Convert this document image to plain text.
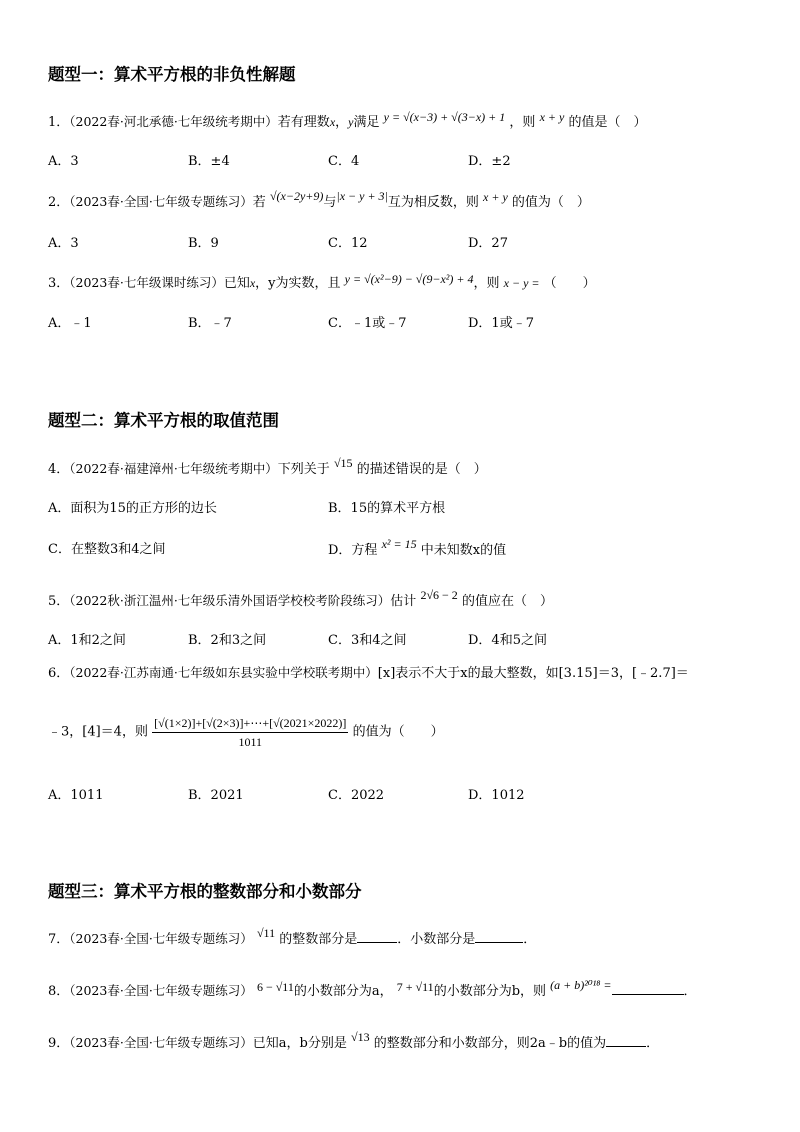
题型一：算术平方根的非负性解题
1．（2022春·河北承德·七年级统考期中）若有理数x，y满足 y = √(x−3) + √(3−x) + 1 ，则 x + y 的值是（　）
A．3	B．±4	C．4	D．±2
2．（2023春·全国·七年级专题练习）若 √(x−2y+9)与|x − y + 3|互为相反数，则 x + y 的值为（　）
A．3	B．9	C．12	D．27
3．（2023春·七年级课时练习）已知x，y为实数，且 y = √(x²−9) − √(9−x²) + 4，则 x − y = （　　）
A．﹣1	B．﹣7	C．﹣1或﹣7	D．1或﹣7
题型二：算术平方根的取值范围
4．（2022春·福建漳州·七年级统考期中）下列关于 √15 的描述错误的是（　）
A．面积为15的正方形的边长	B．15的算术平方根
C．在整数3和4之间	D．方程 x² = 15 中未知数x的值
5．（2022秋·浙江温州·七年级乐清外国语学校校考阶段练习）估计 2√6 − 2 的值应在（　）
A．1和2之间	B．2和3之间	C．3和4之间	D．4和5之间
6．（2022春·江苏南通·七年级如东县实验中学校联考期中）[x]表示不大于x的最大整数，如[3.15]＝3，[﹣2.7]＝
﹣3，[4]＝4，则 $\frac{[√(1\times 2)]+[√(2\times 3)]+\cdots+[√(2021\times 2022)]}{1011}$ 的值为（　　）
A．1011	B．2021	C．2022	D．1012
题型三：算术平方根的整数部分和小数部分
7．（2023春·全国·七年级专题练习） √11 的整数部分是	．小数部分是	．
8．（2023春·全国·七年级专题练习） 6 − √11的小数部分为a， 7 + √11的小数部分为b，则 (a + b)²⁰¹⁸ =	．
9．（2023春·全国·七年级专题练习）已知a，b分别是 √13 的整数部分和小数部分，则2a﹣b的值为	．
